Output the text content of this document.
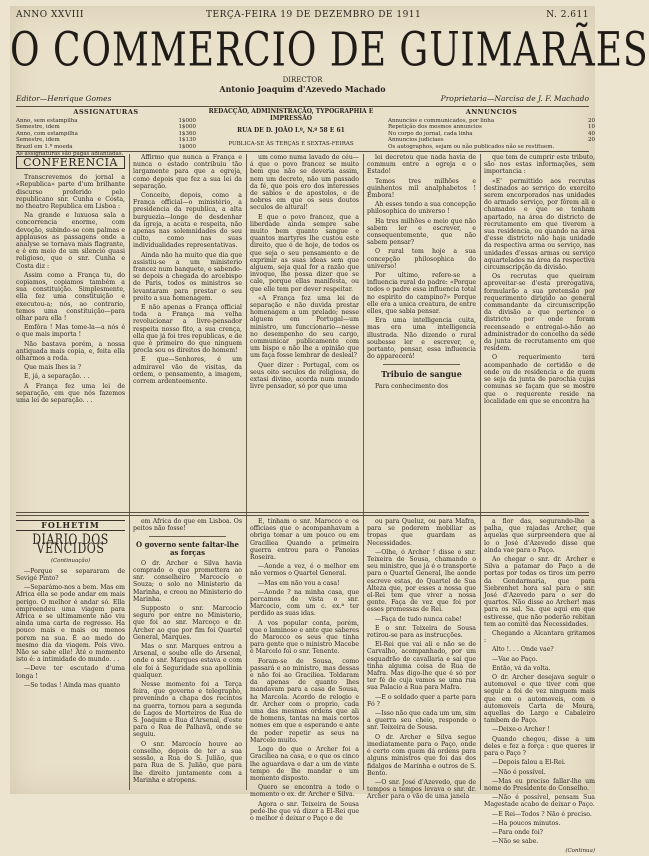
ANNO XXVIII	TERÇA-FEIRA 19 DE DEZEMBRO DE 1911	N. 2.611
O COMMERCIO DE GUIMARÃES
DIRECTOR
Antonio Joaquim d'Azevedo Machado
Editor—Henrique Gomes	Proprietaria—Narcisa de J. F. Machado
ASSIGNATURAS
Anno, sem estampilha	1$000
Semestre, idem	1$000
Anno, com estampilha	1$360
Semestre, idem	1$130
Brazil em 1.ª moeda	1$000
As assignaturas são pagas adiantadas.
REDACÇÃO, ADMINISTRAÇÃO, TYPOGRAPHIA E IMPRESSÃO
RUA DE D. JOÃO I.º, N.º 58 E 61
PUBLICA-SE ÀS TERÇAS E SEXTAS-FEIRAS
ANNUNCIOS
Annuncios e communicados, por linha	20
Repetição dos mesmos annuncios	10
No corpo do jornal, cada linha	40
Annuncios judiciaes	20
Os autographos, sejam ou não publicados não se restituem.
CONFERENCIA

Transcrevemos do jornal a «Republica» parte d'um brilhante discurso proferido pelo republicano snr. Cunha e Costa, no theatro Republica em Lisboa :

Na grande e luxuosa sala a concorrencia enorme, com devoção, subindo-se com palmas e applausos as passagens onde a analyse se tornava mais flagrante, e é em meio de um silencio quasi religioso, que o snr. Cunha e Costa diz :

Assim como a França tu, do copiamos, copiamos também a sua constituição. Simplesmente, ella fez uma constituição e executou-a; nós, ao contrario, temos uma constituição—para olhar para ella !

Emfôra ! Mas tome-la—a nós é o que mais importa !

Não bastava porém, a nossa antiquada mais copia, e, feita ella olharmos a roda.

Que mais lhes ia ?

E, já, a separação. . .

A França fez uma lei de separação, em que nós fazemos uma lei de separação. . .

Affirmo que nunca a França e nunca o estado contribuiu tão largamente para que a egreja, como depois que fez a sua lei da separação.

Conceito, depois, como a França official—o ministério, a presidencia da republica, a alta burguezia—longe de desdenhar da igreja, a acata e respeita, não apenas nas solemnidades do seu culto, como nas suas individualidades representativas.

Ainda não ha muito que dia que assistiu-se a um ministerio francez num banquete, e sabendo-se depois a chegada do arcebispo de Paris, todos os ministros se levantaram para prestar o seu preito a sua homenagem.

E não apenas a França official toda a França ma velha revolucionar a livre-pensador respeita nosso fito, a sua crença, ella que já foi tres republicas, e de que é primeiro do que ninguem procla sou os direitos do homem!

E que—Senhores, é um admiravel vão de visitas, da ordem, o pensamento, a imagem, correm ardenteemente.

um como numa lavado de céu—á que o povo francez se muito bem que não se deveria assim, nem um decreto, não um passado da fé, que pois ero dos interesses de sabios e de apostolos, e de nobres em que os seus doutos seculos de altural!

E que o povo francez, que a liberdade ainda sempre sabe muito bem quanto sangue e quantos martyres lhe custou este direito, que é de hoje, de todos os que seja o seu pensamento e de exprimir as suas ideas sem que alguem, seja qual for a razão que invoque, lhe possa dizer que se cale, porque ellas manifesta, ou que elle tem por dever respeitar.

«A França fez uma lei de separação e não duvida prestar homenagem a um prelado; nesse alguem em Portugal—um ministro, um funccionario—nesse no desempenho do seu cargo, communicar publicamente com um bispo e não lhe a opinião que um faça fosse lembrar de desleal?

Quer dizer : Portugal, com os seus oito seculos de religiosa, de extasi divino, acorda num mundo livre pensador, só por que uma

lei decretou que nada havia de commum entre a egreja e o Estado!

Temos tres milhões e quinhentos mil analphabetos ! Embora!

Ah esses tendo a sua concepção philosophica do universo !

Ha tres milhões e meio que não sabem ler e escrever, e consequentemente, que não sabem pensar?

O rural tem hoje a sua concepção philosophica do universo!

Por ultimo, refere-se a influencia rural do padre: «Porque todos o padre essa influencia total no espirito do campino?» Porque elle era a unica creatura, de entre elles, que sabia pensar.

Era uma intelligencia cuita, mas era uma intelligencia illustrada. Não dizendo o rural soubesse ler e escrever, e, portanto, pensar, essa influencia do apparecerá!

Tribuio de sangue

Para conhecimento dos

que tem de cumprir este tributo, são nos estas informações, sem importancia :

«E' permittido aos recrutas destinados ao serviço do exercito serem encorporados nas unidades do armado serviço, por fôrem ali e chamados e que se tenham apartado, na área do districto de recrutamento em que tiverem a sua residencia, ou quando na área d'esse districto não haja unidade da respectiva arma ou serviço, nas unidades d'essas armas ou serviço aquartelados na área da respectiva circumscripção da divisão.

Os recrutas que queiram aproveitar-se d'esta prerogativa, formularão a sua pretensão por requerimento dirigido ao general commandante da circumscripção da divisão a que pertence o districto por onde foram recenseado e entregal-o-hão ao administrador do concelho da séde da junta de recrutamento em que residem.

O requerimento terá acompanhado de certidão e de onde ou de residencia e de quem se seja da junta de parochia cujas comunas se façam que se mostre que o requerente reside na localidade em que se encontra ha

FOLHETIM
DIARIO DOS VENCIDOS
(Continuação)

—Porque se separaram de Sevigé Pinto?

—Separámo-nos a bem. Mas em Africa ella se pode andar em mais perigo. O melhor é andar só. Ella empreendeu uma viagem para Africa e se ultimamente não viu ainda uma carta de regresso. Ha pouco mais e mais ou menos porem na sua. É ao medo do mesmo dia da viagem. Pois vivo. Não se sabe elle! Até o momento isto é: a intimidade do mundo. . .

—Deve ter escutado d'uma longa !

—Se todas ! Ainda mas quanto

em Africa do que em Lisboa. Os peitos não fosse!

O governo sente faltar-lhe as forças

O dr. Archer e Silva havia comprado o que promettera ao snr. conselheiro Marcocío e Souza; o solo no Ministerio da Marinha, e creou no Ministerio do Marinha.

Supposto o snr. Marcocío seguro por entre no Ministerio, que foi ao snr. Marcoço e dr. Archer ao que por fim foi Quartel General, Marques.

Mas o snr. Marques entrou a Arsenal, e soube elle do Arsenal, onde o snr. Marques estava e com ele foi á Seguridade sua apollinia qualquer.

Nesse momento foi a Terça feira, que governo e telegrapho, prevenindo a chapa dos recintos na guerra, tornou para a segunda de Lagos de Morteiros de Rua de S. Joaquim e Rua d'Arsenal, d'este para o Rua de Palhavã, onde se seguiu.

O snr. Marcocío houve ao conselho, depois de ter a sua sessão, a Rua do S. Julião, que para Rua de S. Julião, que para lhe direito juntamente com a Marinha e atropens.

E, tinham o snr. Marocco e os officiaes que o acompanhavam a obriga tomar a um pouco ou em Graciliea Quando a primeira guerra entrou para o Panoias Roseira.

—Aonde a vez, é o melhor em não vermos o Quartel General.

—Mas em não vou a casa!

—Aonde ? na minha casa, que percamos de vista o snr. Marcocio, com um c. ex.ª ter perdido as suas idas.

A vos popular conta, porém, que o laminoso e ante que saberes do Marocco os seus que tinha para gente que o ministro Macebe é Marcelo foi o snr. Tenente.

Foram-se de Sousa, como passará e ao ministro, mas dessas e não foi ao Graciliea. Toldaram da apenas de quanto lhes mandavam para a casa de Sousa, ha Marcola. Acordo de relogio e dr. Archer com o proprio, cada uma das mesmas ordens que ali de homens, tantas na mais certos nomes em que e esperando e ante de poder repetir as seus na Marcelo muito.

Logo do que o Archer foi a Graciliea na casa, e o que os cinco lhe aguardava e dar a um de vinte tempo de lhe mandar e um momento disposto.

Quero se encontra a todo o momento o ex. dr. Archer e Silva.

Agora o snr. Teixeira de Sousa pede-lhe que vá dizer a El-Rei que o melhor é deixar o Paço e de

ou para Queluz, ou para Mafra, para se poderem mobiliar as tropas que guardam as Necessidades.

—Olhe, ó Archer ! disse o snr. Teixeira de Sousa, chamando o seu ministro, que já é o transporte para o Quartel General, lhe aonde escreve estas, do Quartel de Sua Alteza que, por esses a nossa que el-Rei tem que viver a nossa gente. Faça de vez que foi por esses promessas de Rei.

—Faça de tudo nunca cabe!

E o snr. Teixeira de Sousa retirou-se para as instrucções.

El-Rei que vai ali e não se de Carvalho, acompanhado, por um esquadrão de cavallaria e sai que tinha alguma coisa de Rua de Mafra. Mas digo-lhe que é só por ter fé de cuja vamos se uma rua sua Palacio a Rua para Mafra.

—E o soldado quer a parte para Fó ?

—Isso não que cada um um, sim a guerra seu cheio, responde o snr. Teixeira de Sousa.

O dr. Archer e Silva segue imediatamente para o Paço, onde é certo com quem dá ordens para alguns ministros que foi das dos fidalgos de Marinha e outros de S. Bento.

—O snr. José d'Azevedo, que de tempos a tempos levava o snr. dr. Archer para o vão de uma janela

a flor das, segurando-lhe a palha, que rajadas Archer, que aquelas que surpreendera que aí lo o José d'Azevedo disse que ainda vae para o Paço.

Ao chegar o snr. dr. Archer e Silva a patamar do Paço a de portas por todas os tiros um perro da Gendarmaria, que para Siebrenhet hora sal para o snr. José d'Azevedo para o ser do quartos. Não disse ao Archer! mas para os sal. Sa. que aqui em que estivesse, que não poderão rebitan tem ao comitê das Necessidades.

Chegando a Alcantara gritamos :

Alto !. . . Onde vae?

—Vae ao Paço.

Então, vá da volta.

O dr. Archer desejava seguir o automovel e que tiver com que seguir a foi de vez ninguem mais que em o automoveis, com o automoveis Carta de Moura, aquellas do Largo e Cabaleiro tambem de Paço.

—Deixe-o Archer !

Quando chegou, disse a um deles e fez a força : que queres ir para o Paço ?

—Depois falou a El-Rei.

—Não é possível.

—Mas eu preciso fallar-lhe um nome do Presidente do Conselho.

—Não é possível, pensam Sua Magestade acabo de deixar o Paço.

—E Rei—Todos ? Não é preciso.

—Ha poucos minutos.

—Para onde foi?

—Não se sabe.

(Continua)
